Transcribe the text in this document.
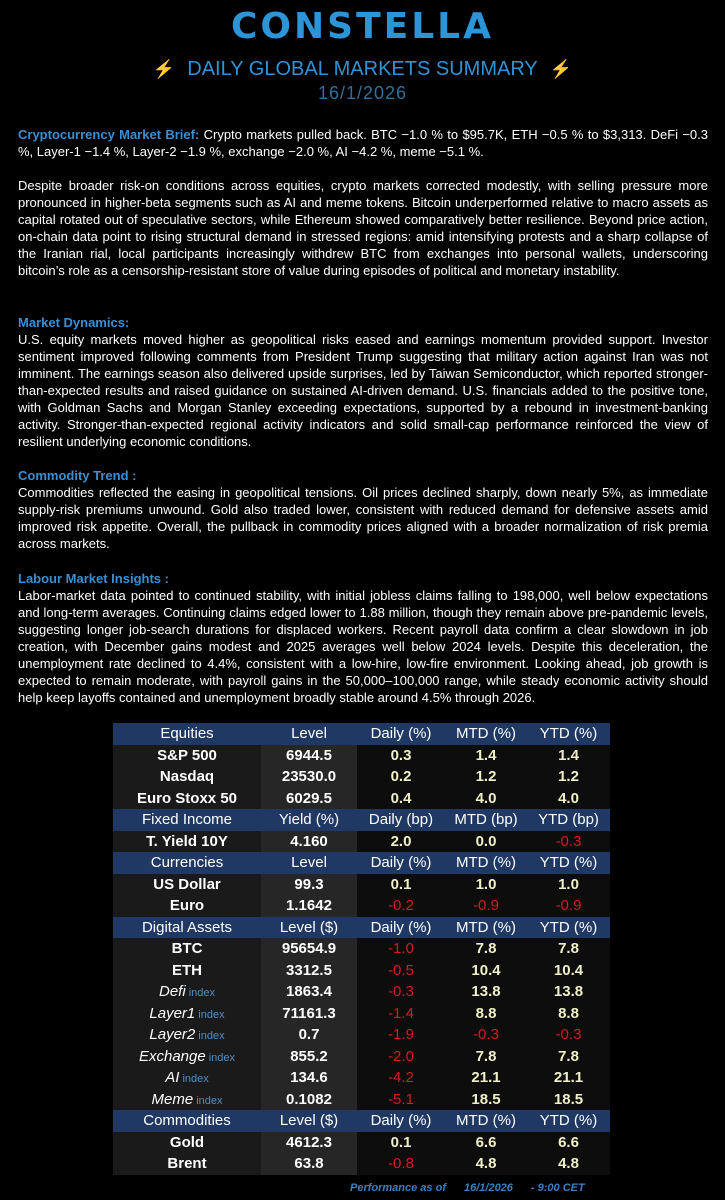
CONSTELLA
⚡ DAILY GLOBAL MARKETS SUMMARY ⚡
16/1/2026

Cryptocurrency Market Brief: Crypto markets pulled back. BTC −1.0 % to $95.7K, ETH −0.5 % to $3,313. DeFi −0.3 %, Layer-1 −1.4 %, Layer-2 −1.9 %, exchange −2.0 %, AI −4.2 %, meme −5.1 %.

Despite broader risk-on conditions across equities, crypto markets corrected modestly, with selling pressure more pronounced in higher-beta segments such as AI and meme tokens. Bitcoin underperformed relative to macro assets as capital rotated out of speculative sectors, while Ethereum showed comparatively better resilience. Beyond price action, on-chain data point to rising structural demand in stressed regions: amid intensifying protests and a sharp collapse of the Iranian rial, local participants increasingly withdrew BTC from exchanges into personal wallets, underscoring bitcoin’s role as a censorship-resistant store of value during episodes of political and monetary instability.

Market Dynamics:

U.S. equity markets moved higher as geopolitical risks eased and earnings momentum provided support. Investor sentiment improved following comments from President Trump suggesting that military action against Iran was not imminent. The earnings season also delivered upside surprises, led by Taiwan Semiconductor, which reported stronger-than-expected results and raised guidance on sustained AI-driven demand. U.S. financials added to the positive tone, with Goldman Sachs and Morgan Stanley exceeding expectations, supported by a rebound in investment-banking activity. Stronger-than-expected regional activity indicators and solid small-cap performance reinforced the view of resilient underlying economic conditions.

Commodity Trend :

Commodities reflected the easing in geopolitical tensions. Oil prices declined sharply, down nearly 5%, as immediate supply-risk premiums unwound. Gold also traded lower, consistent with reduced demand for defensive assets amid improved risk appetite. Overall, the pullback in commodity prices aligned with a broader normalization of risk premia across markets.

Labour Market Insights :

Labor-market data pointed to continued stability, with initial jobless claims falling to 198,000, well below expectations and long-term averages. Continuing claims edged lower to 1.88 million, though they remain above pre-pandemic levels, suggesting longer job-search durations for displaced workers. Recent payroll data confirm a clear slowdown in job creation, with December gains modest and 2025 averages well below 2024 levels. Despite this deceleration, the unemployment rate declined to 4.4%, consistent with a low-hire, low-fire environment. Looking ahead, job growth is expected to remain moderate, with payroll gains in the 50,000–100,000 range, while steady economic activity should help keep layoffs contained and unemployment broadly stable around 4.5% through 2026.

Equities	Level	Daily (%)	MTD (%)	YTD (%)
S&P 500	6944.5	0.3	1.4	1.4
Nasdaq	23530.0	0.2	1.2	1.2
Euro Stoxx 50	6029.5	0.4	4.0	4.0
Fixed Income	Yield (%)	Daily (bp)	MTD (bp)	YTD (bp)
T. Yield 10Y	4.160	2.0	0.0	-0.3
Currencies	Level	Daily (%)	MTD (%)	YTD (%)
US Dollar	99.3	0.1	1.0	1.0
Euro	1.1642	-0.2	-0.9	-0.9
Digital Assets	Level ($)	Daily (%)	MTD (%)	YTD (%)
BTC	95654.9	-1.0	7.8	7.8
ETH	3312.5	-0.5	10.4	10.4
Defi index	1863.4	-0.3	13.8	13.8
Layer1 index	71161.3	-1.4	8.8	8.8
Layer2 index	0.7	-1.9	-0.3	-0.3
Exchange index	855.2	-2.0	7.8	7.8
AI index	134.6	-4.2	21.1	21.1
Meme index	0.1082	-5.1	18.5	18.5
Commodities	Level ($)	Daily (%)	MTD (%)	YTD (%)
Gold	4612.3	0.1	6.6	6.6
Brent	63.8	-0.8	4.8	4.8
Performance as of 16/1/2026 - 9:00 CET
